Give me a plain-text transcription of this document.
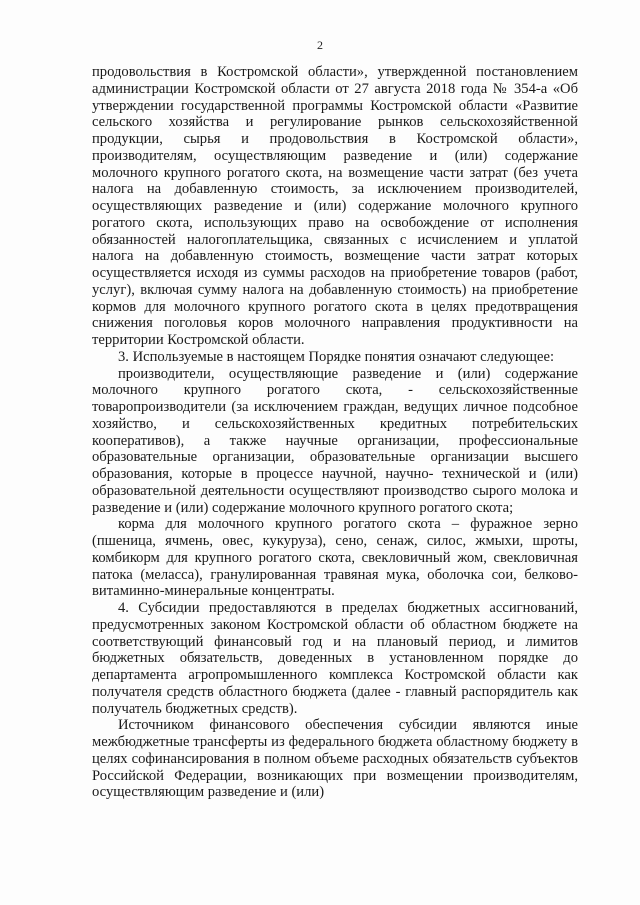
2

продовольствия в Костромской области», утвержденной постановлением администрации Костромской области от 27 августа 2018 года № 354-а «Об утверждении государственной программы Костромской области «Развитие сельского хозяйства и регулирование рынков сельскохозяйственной продукции, сырья и продовольствия в Костромской области», производителям, осуществляющим разведение и (или) содержание молочного крупного рогатого скота, на возмещение части затрат (без учета налога на добавленную стоимость, за исключением производителей, осуществляющих разведение и (или) содержание молочного крупного рогатого скота, использующих право на освобождение от исполнения обязанностей налогоплательщика, связанных с исчислением и уплатой налога на добавленную стоимость, возмещение части затрат которых осуществляется исходя из суммы расходов на приобретение товаров (работ, услуг), включая сумму налога на добавленную стоимость) на приобретение кормов для молочного крупного рогатого скота в целях предотвращения снижения поголовья коров молочного направления продуктивности на территории Костромской области.

3. Используемые в настоящем Порядке понятия означают следующее:

производители, осуществляющие разведение и (или) содержание молочного крупного рогатого скота, - сельскохозяйственные товаропроизводители (за исключением граждан, ведущих личное подсобное хозяйство, и сельскохозяйственных кредитных потребительских кооперативов), а также научные организации, профессиональные образовательные организации, образовательные организации высшего образования, которые в процессе научной, научно- технической и (или) образовательной деятельности осуществляют производство сырого молока и разведение и (или) содержание молочного крупного рогатого скота;

корма для молочного крупного рогатого скота – фуражное зерно (пшеница, ячмень, овес, кукуруза), сено, сенаж, силос, жмыхи, шроты, комбикорм для крупного рогатого скота, свекловичный жом, свекловичная патока (меласса), гранулированная травяная мука, оболочка сои, белково-витаминно-минеральные концентраты.

4. Субсидии предоставляются в пределах бюджетных ассигнований, предусмотренных законом Костромской области об областном бюджете на соответствующий финансовый год и на плановый период, и лимитов бюджетных обязательств, доведенных в установленном порядке до департамента агропромышленного комплекса Костромской области как получателя средств областного бюджета (далее - главный распорядитель как получатель бюджетных средств).

Источником финансового обеспечения субсидии являются иные межбюджетные трансферты из федерального бюджета областному бюджету в целях софинансирования в полном объеме расходных обязательств субъектов Российской Федерации, возникающих при возмещении производителям, осуществляющим разведение и (или)
